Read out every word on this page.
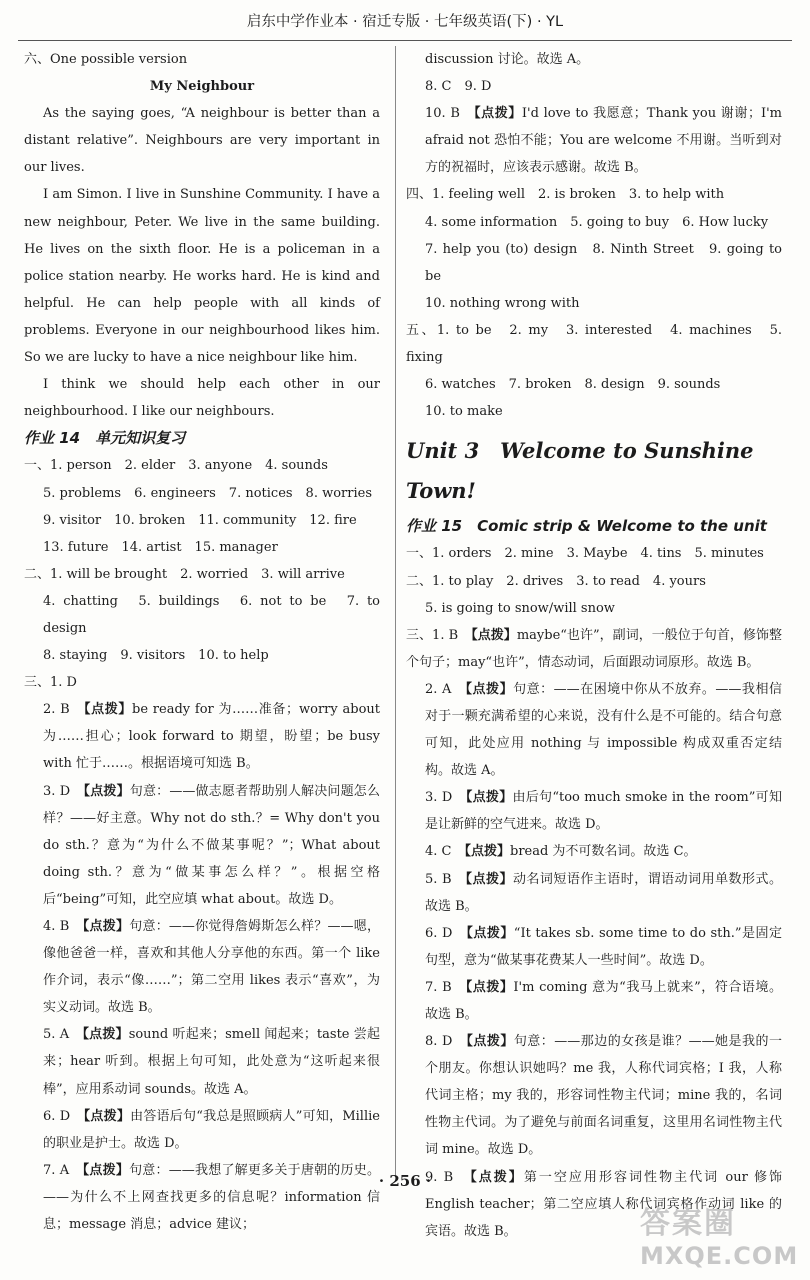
启东中学作业本 · 宿迁专版 · 七年级英语(下) · YL

六、One possible version

My Neighbour

As the saying goes, “A neighbour is better than a distant relative”. Neighbours are very important in our lives.

I am Simon. I live in Sunshine Community. I have a new neighbour, Peter. We live in the same building. He lives on the sixth floor. He is a policeman in a police station nearby. He works hard. He is kind and helpful. He can help people with all kinds of problems. Everyone in our neighbourhood likes him. So we are lucky to have a nice neighbour like him.

I think we should help each other in our neighbourhood. I like our neighbours.

作业 14　单元知识复习

一、1. person　2. elder　3. anyone　4. sounds

5. problems　6. engineers　7. notices　8. worries

9. visitor　10. broken　11. community　12. fire

13. future　14. artist　15. manager

二、1. will be brought　2. worried　3. will arrive

4. chatting　5. buildings　6. not to be　7. to design

8. staying　9. visitors　10. to help

三、1. D

2. B　【点拨】be ready for 为……准备；worry about 为……担心；look forward to 期望，盼望；be busy with 忙于……。根据语境可知选 B。

3. D　【点拨】句意：——做志愿者帮助别人解决问题怎么样？——好主意。Why not do sth.？= Why don't you do sth.？意为“为什么不做某事呢？”；What about doing sth.？意为“做某事怎么样？”。根据空格后“being”可知，此空应填 what about。故选 D。

4. B　【点拨】句意：——你觉得詹姆斯怎么样？——嗯，像他爸爸一样，喜欢和其他人分享他的东西。第一个 like 作介词，表示“像……”；第二空用 likes 表示“喜欢”，为实义动词。故选 B。

5. A　【点拨】sound 听起来；smell 闻起来；taste 尝起来；hear 听到。根据上句可知，此处意为“这听起来很棒”，应用系动词 sounds。故选 A。

6. D　【点拨】由答语后句“我总是照顾病人”可知，Millie 的职业是护士。故选 D。

7. A　【点拨】句意：——我想了解更多关于唐朝的历史。——为什么不上网查找更多的信息呢？information 信息；message 消息；advice 建议；

discussion 讨论。故选 A。

8. C　9. D

10. B　【点拨】I'd love to 我愿意；Thank you 谢谢；I'm afraid not 恐怕不能；You are welcome 不用谢。当听到对方的祝福时，应该表示感谢。故选 B。

四、1. feeling well　2. is broken　3. to help with

4. some information　5. going to buy　6. How lucky

7. help you (to) design　8. Ninth Street　9. going to be

10. nothing wrong with

五、1. to be　2. my　3. interested　4. machines　5. fixing

6. watches　7. broken　8. design　9. sounds

10. to make

Unit 3　Welcome to Sunshine Town!

作业 15　Comic strip & Welcome to the unit

一、1. orders　2. mine　3. Maybe　4. tins　5. minutes

二、1. to play　2. drives　3. to read　4. yours

5. is going to snow/will snow

三、1. B　【点拨】maybe“也许”，副词，一般位于句首，修饰整个句子；may“也许”，情态动词，后面跟动词原形。故选 B。

2. A　【点拨】句意：——在困境中你从不放弃。——我相信对于一颗充满希望的心来说，没有什么是不可能的。结合句意可知，此处应用 nothing 与 impossible 构成双重否定结构。故选 A。

3. D　【点拨】由后句“too much smoke in the room”可知是让新鲜的空气进来。故选 D。

4. C　【点拨】bread 为不可数名词。故选 C。

5. B　【点拨】动名词短语作主语时，谓语动词用单数形式。故选 B。

6. D　【点拨】“It takes sb. some time to do sth.”是固定句型，意为“做某事花费某人一些时间”。故选 D。

7. B　【点拨】I'm coming 意为“我马上就来”，符合语境。故选 B。

8. D　【点拨】句意：——那边的女孩是谁？——她是我的一个朋友。你想认识她吗？me 我，人称代词宾格；I 我，人称代词主格；my 我的，形容词性物主代词；mine 我的，名词性物主代词。为了避免与前面名词重复，这里用名词性物主代词 mine。故选 D。

9. B　【点拨】第一空应用形容词性物主代词 our 修饰 English teacher；第二空应填人称代词宾格作动词 like 的宾语。故选 B。

· 256 ·
答案圈
MXQE.COM
